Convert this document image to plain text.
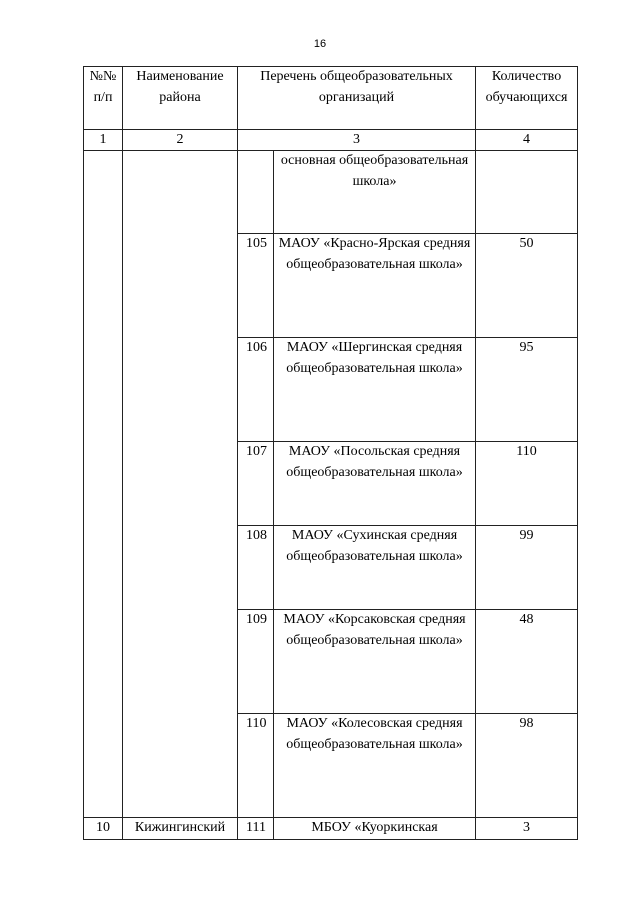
16
№№ п/п	Наименование района	Перечень общеобразовательных организаций		Количество обучающихся
1	2	3		4
			основная общеобразовательная школа»	
		105	МАОУ «Красно-Ярская средняя общеобразовательная школа»	50
		106	МАОУ «Шергинская средняя общеобразовательная школа»	95
		107	МАОУ «Посольская средняя общеобразовательная школа»	110
		108	МАОУ «Сухинская средняя общеобразовательная школа»	99
		109	МАОУ «Корсаковская средняя общеобразовательная школа»	48
		110	МАОУ «Колесовская средняя общеобразовательная школа»	98
10	Кижингинский	111	МБОУ «Куоркинская	3
